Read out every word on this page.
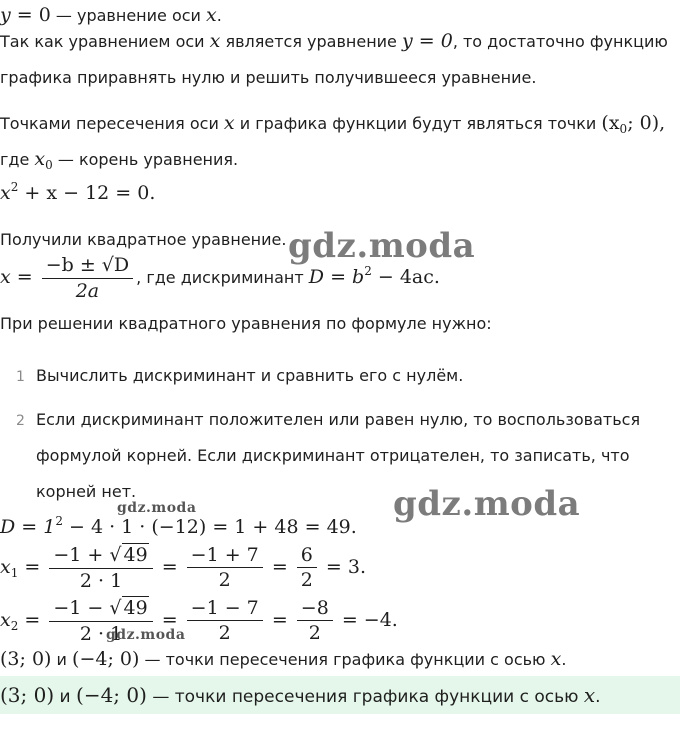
y = 0 — уравнение оси x.
Так как уравнением оси x является уравнение y = 0, то достаточно функцию
графика приравнять нулю и решить получившееся уравнение.
Точками пересечения оси x и графика функции будут являться точки ($x_0$; 0),
где $x_0$ — корень уравнения.
$x^2 + x - 12 = 0$.
Получили квадратное уравнение.
$x = \frac{-b \pm √D}{2a}$ , где дискриминант $D = b^2 - 4ac$.
При решении квадратного уравнения по формуле нужно:
1 Вычислить дискриминант и сравнить его с нулём.
2 Если дискриминант положителен или равен нулю, то воспользоваться
формулой корней. Если дискриминант отрицателен, то записать, что
корней нет.
$D = 1^2 - 4 \cdot 1 \cdot (-12) = 1 + 48 = 49$.
$x_1 = \frac{-1 + √ 49}{2 \cdot 1} = \frac{-1 + 7}{2} = \frac{6}{2} = 3$.
$x_2 = \frac{-1 - √ 49}{2 \cdot 1} = \frac{-1 - 7}{2} = \frac{-8}{2} = -4$.
(3; 0) и (−4; 0) — точки пересечения графика функции с осью x.
(3; 0) и (−4; 0) — точки пересечения графика функции с осью x.
gdz.moda
gdz.moda
gdz.moda
gdz.moda
